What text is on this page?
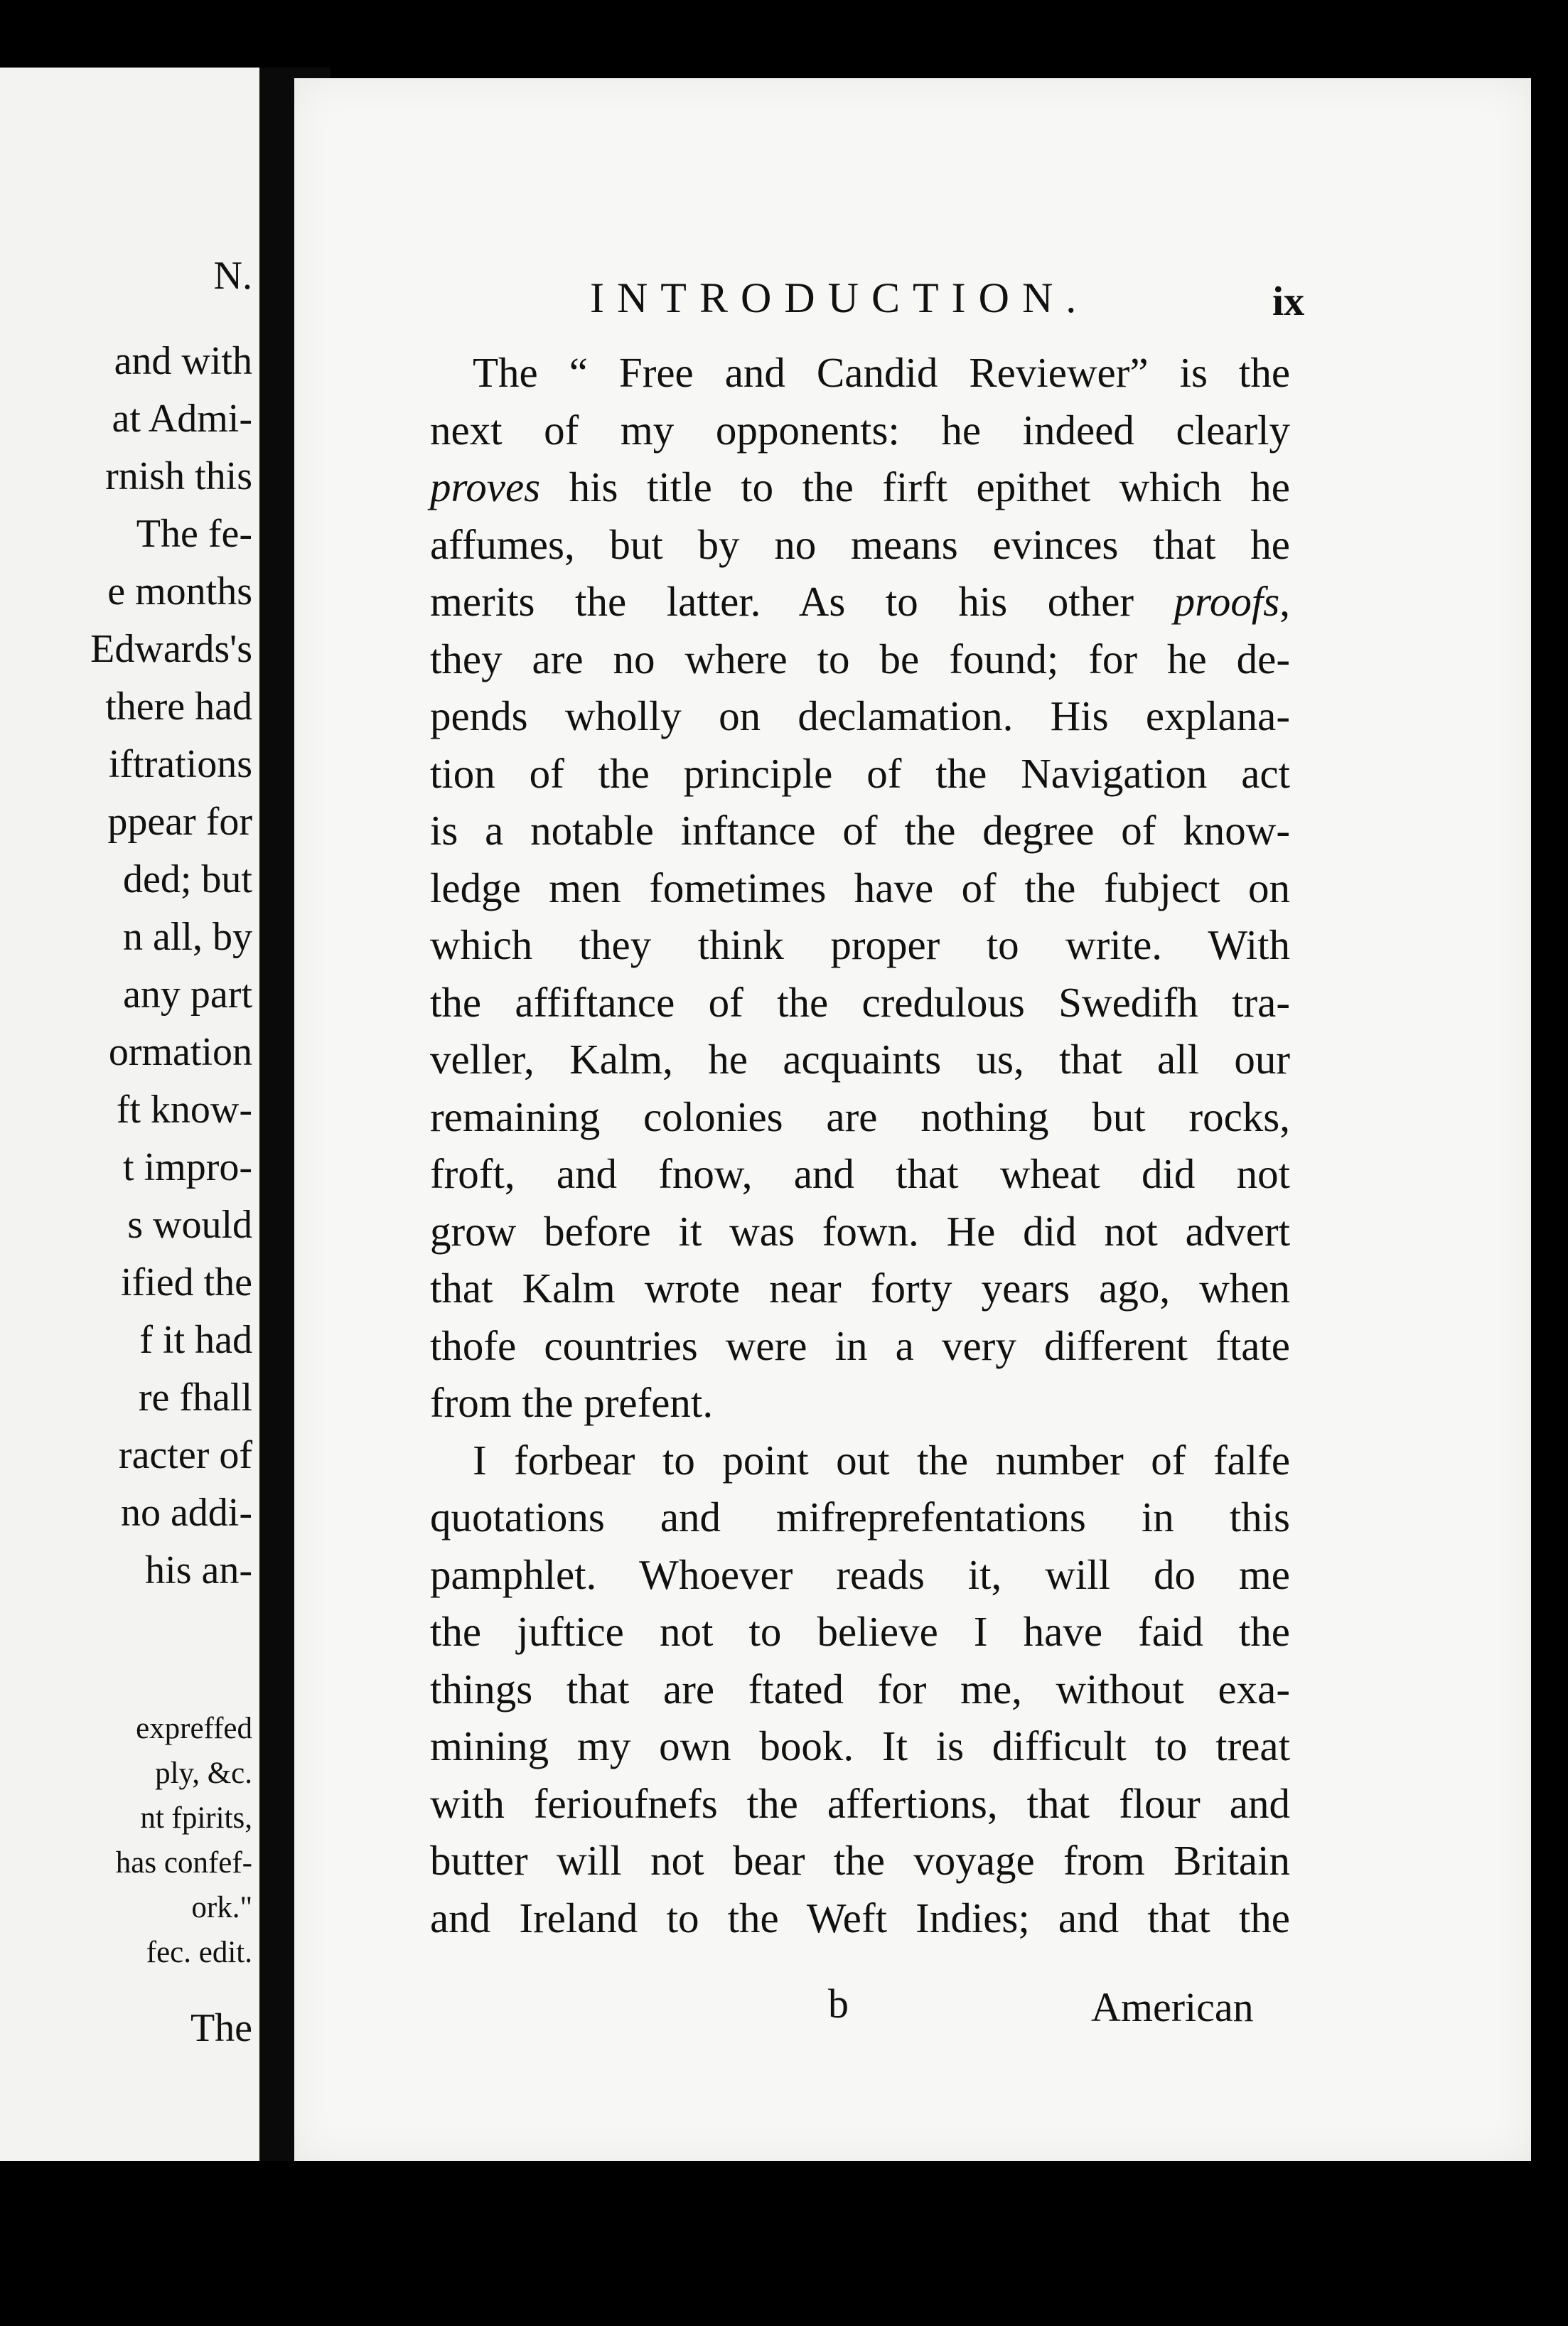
N.
and with
at Admi-
rnish this
The fe-
e months
Edwards's
there had
iftrations
ppear for
ded; but
n all, by
any part
ormation
ft know-
t impro-
s would
ified the
f it had
re fhall
racter of
no addi-
his an-
expreffed
ply, &c.
nt fpirits,
has confef-
ork."
fec. edit.
The
INTRODUCTION.	ix
The “ Free and Candid Reviewer” is the
next of my opponents: he indeed clearly
proves his title to the firft epithet which he
affumes, but by no means evinces that he
merits the latter. As to his other proofs,
they are no where to be found; for he de-
pends wholly on declamation. His explana-
tion of the principle of the Navigation act
is a notable inftance of the degree of know-
ledge men fometimes have of the fubject on
which they think proper to write. With
the affiftance of the credulous Swedifh tra-
veller, Kalm, he acquaints us, that all our
remaining colonies are nothing but rocks,
froft, and fnow, and that wheat did not
grow before it was fown. He did not advert
that Kalm wrote near forty years ago, when
thofe countries were in a very different ftate
from the prefent.
I forbear to point out the number of falfe
quotations and mifreprefentations in this
pamphlet. Whoever reads it, will do me
the juftice not to believe I have faid the
things that are ftated for me, without exa-
mining my own book. It is difficult to treat
with ferioufnefs the affertions, that flour and
butter will not bear the voyage from Britain
and Ireland to the Weft Indies; and that the
b	American
